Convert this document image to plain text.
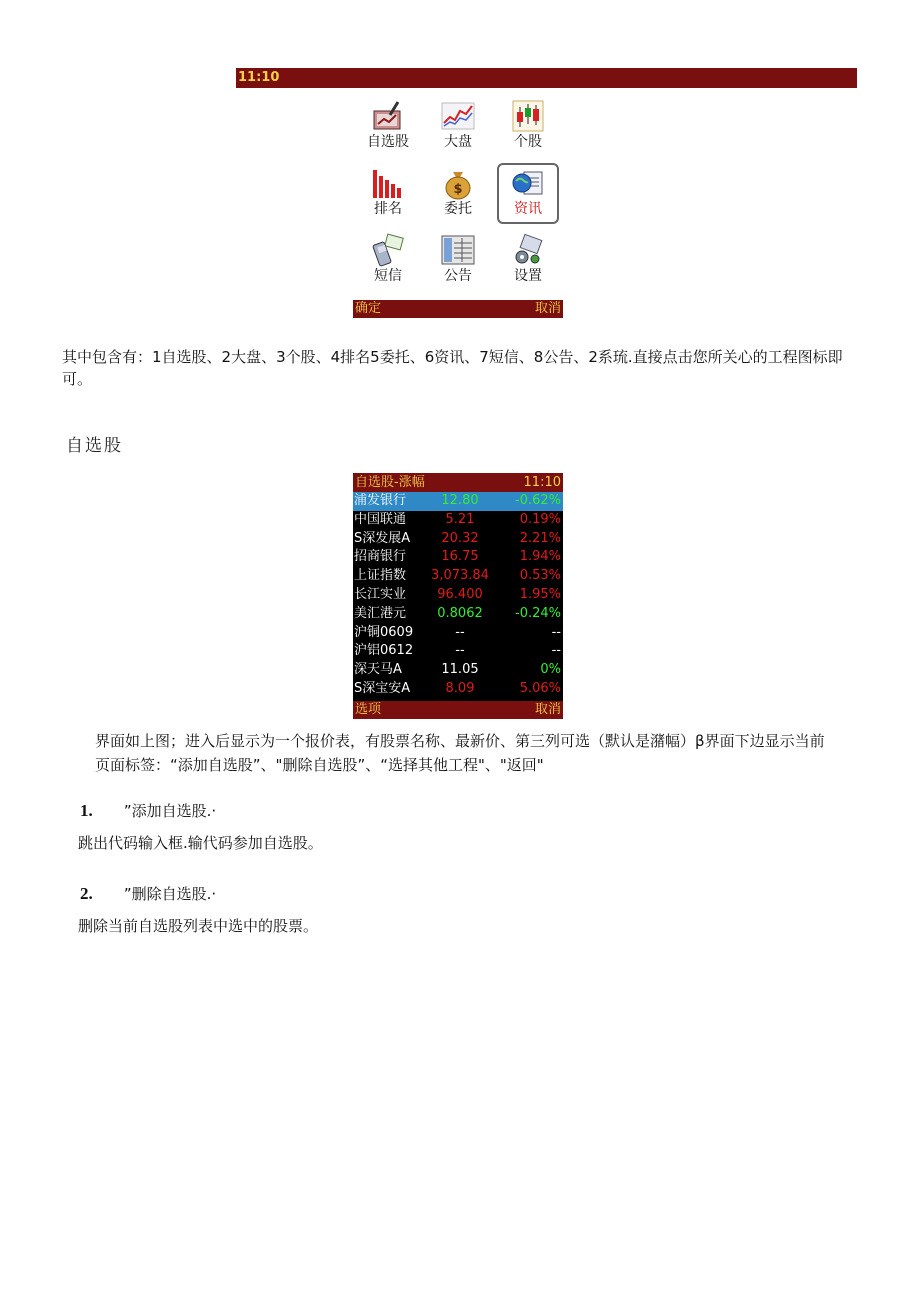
11:10
自选股	大盘	个股
排名
$
委托	资讯
短信	公告	设置
确定	取消
其中包含有：1自选股、2大盘、3个股、4排名5委托、6资讯、7短信、8公告、2系琉.直接点击您所关心的工程图标即可。
自选股
自选股-涨幅	11:10
浦发银行	12.80	-0.62%
中国联通	5.21	0.19%
S深发展A	20.32	2.21%
招商银行	16.75	1.94%
上证指数	3,073.84	0.53%
长江实业	96.400	1.95%
美汇港元	0.8062	-0.24%
沪铜0609	--	--
沪铝0612	--	--
深天马A	11.05	0%
S深宝安A	8.09	5.06%
选项	取消
界面如上图；进入后显示为一个报价表，有股票名称、最新价、第三列可选（默认是潴幅）β界面下边显示当前
页面标签：“添加自选股”、"删除自选股”、“选择其他工程"、"返回"
1. ”添加自选股.·
跳出代码输入框.输代码参加自选股。
2. ”删除自选股.·
删除当前自选股列表中选中的股票。
